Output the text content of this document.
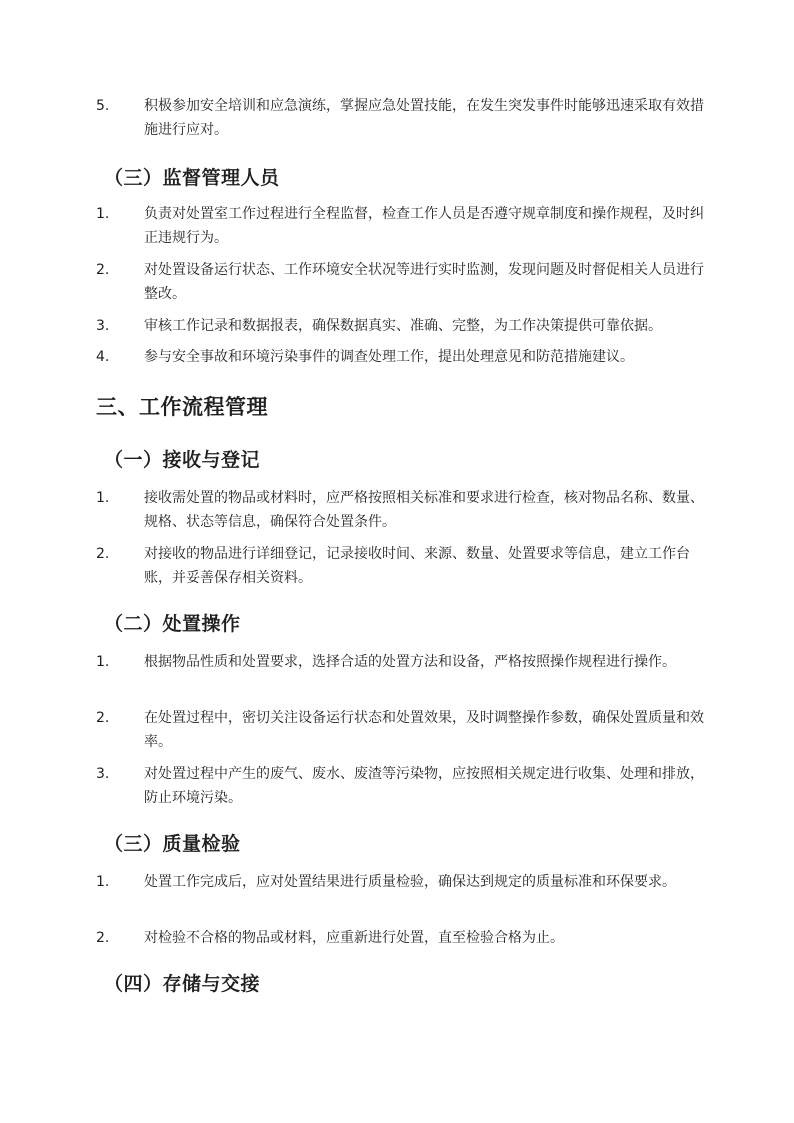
5. 积极参加安全培训和应急演练，掌握应急处置技能，在发生突发事件时能够迅速采取有效措施进行应对。
（三）监督管理人员
1. 负责对处置室工作过程进行全程监督，检查工作人员是否遵守规章制度和操作规程，及时纠正违规行为。
2. 对处置设备运行状态、工作环境安全状况等进行实时监测，发现问题及时督促相关人员进行整改。
3. 审核工作记录和数据报表，确保数据真实、准确、完整，为工作决策提供可靠依据。
4. 参与安全事故和环境污染事件的调查处理工作，提出处理意见和防范措施建议。
三、工作流程管理
（一）接收与登记
1. 接收需处置的物品或材料时，应严格按照相关标准和要求进行检查，核对物品名称、数量、规格、状态等信息，确保符合处置条件。
2. 对接收的物品进行详细登记，记录接收时间、来源、数量、处置要求等信息，建立工作台账，并妥善保存相关资料。
（二）处置操作
1. 根据物品性质和处置要求，选择合适的处置方法和设备，严格按照操作规程进行操作。
2. 在处置过程中，密切关注设备运行状态和处置效果，及时调整操作参数，确保处置质量和效率。
3. 对处置过程中产生的废气、废水、废渣等污染物，应按照相关规定进行收集、处理和排放，防止环境污染。
（三）质量检验
1. 处置工作完成后，应对处置结果进行质量检验，确保达到规定的质量标准和环保要求。
2. 对检验不合格的物品或材料，应重新进行处置，直至检验合格为止。
（四）存储与交接
